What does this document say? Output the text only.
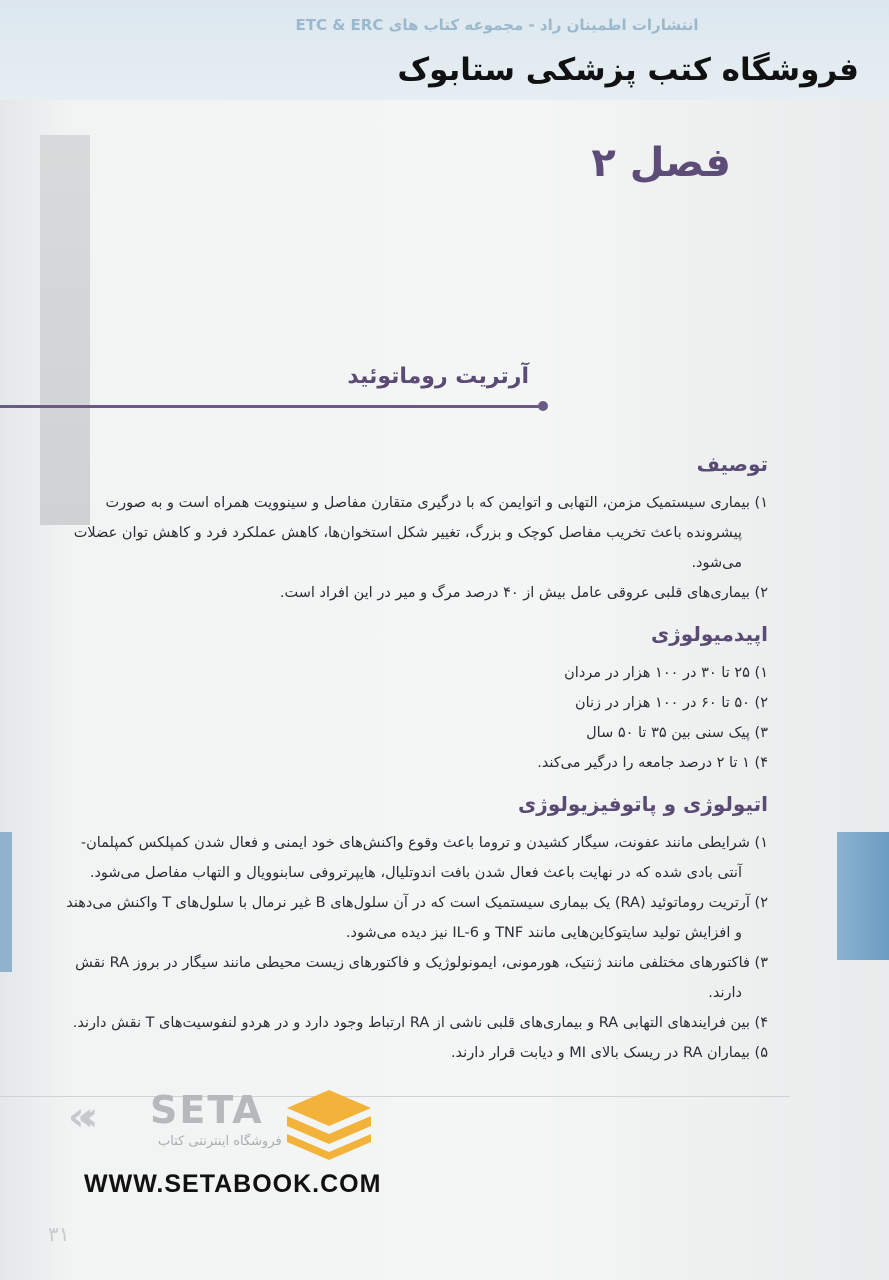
انتشارات اطمینان راد - مجموعه کتاب های ETC & ERC
فروشگاه کتب پزشکی ستابوک
فصل ۲
آرتریت روماتوئید
توصیف

۱) بیماری سیستمیک مزمن، التهابی و اتوایمن که با درگیری متقارن مفاصل و سینوویت همراه است و به صورت پیشرونده باعث تخریب مفاصل کوچک و بزرگ، تغییر شکل استخوان‌ها، کاهش عملکرد فرد و کاهش توان عضلات می‌شود.

۲) بیماری‌های قلبی عروقی عامل بیش از ۴۰ درصد مرگ و میر در این افراد است.

اپیدمیولوژی

۱) ۲۵ تا ۳۰ در ۱۰۰ هزار در مردان

۲) ۵۰ تا ۶۰ در ۱۰۰ هزار در زنان

۳) پیک سنی بین ۳۵ تا ۵۰ سال

۴) ۱ تا ۲ درصد جامعه را درگیر می‌کند.

اتیولوژی و پاتوفیزیولوژی

۱) شرایطی مانند عفونت، سیگار کشیدن و تروما باعث وقوع واکنش‌های خود ایمنی و فعال شدن کمپلکس کمپلمان- آنتی بادی شده که در نهایت باعث فعال شدن بافت اندوتلیال، هایپرتروفی سابنوویال و التهاب مفاصل می‌شود.

۲) آرتریت روماتوئید (RA) یک بیماری سیستمیک است که در آن سلول‌های B غیر نرمال با سلول‌های T واکنش می‌دهند و افزایش تولید سایتوکاین‌هایی مانند TNF و IL-6 نیز دیده می‌شود.

۳) فاکتورهای مختلفی مانند ژنتیک، هورمونی، ایمونولوژیک و فاکتورهای زیست محیطی مانند سیگار در بروز RA نقش دارند.

۴) بین فرایندهای التهابی RA و بیماری‌های قلبی ناشی از RA ارتباط وجود دارد و در هردو لنفوسیت‌های T نقش دارند.

۵) بیماران RA در ریسک بالای MI و دیابت قرار دارند.

«‹ SETA
فروشگاه اینترنتی کتاب
WWW.SETABOOK.COM
۳۱
